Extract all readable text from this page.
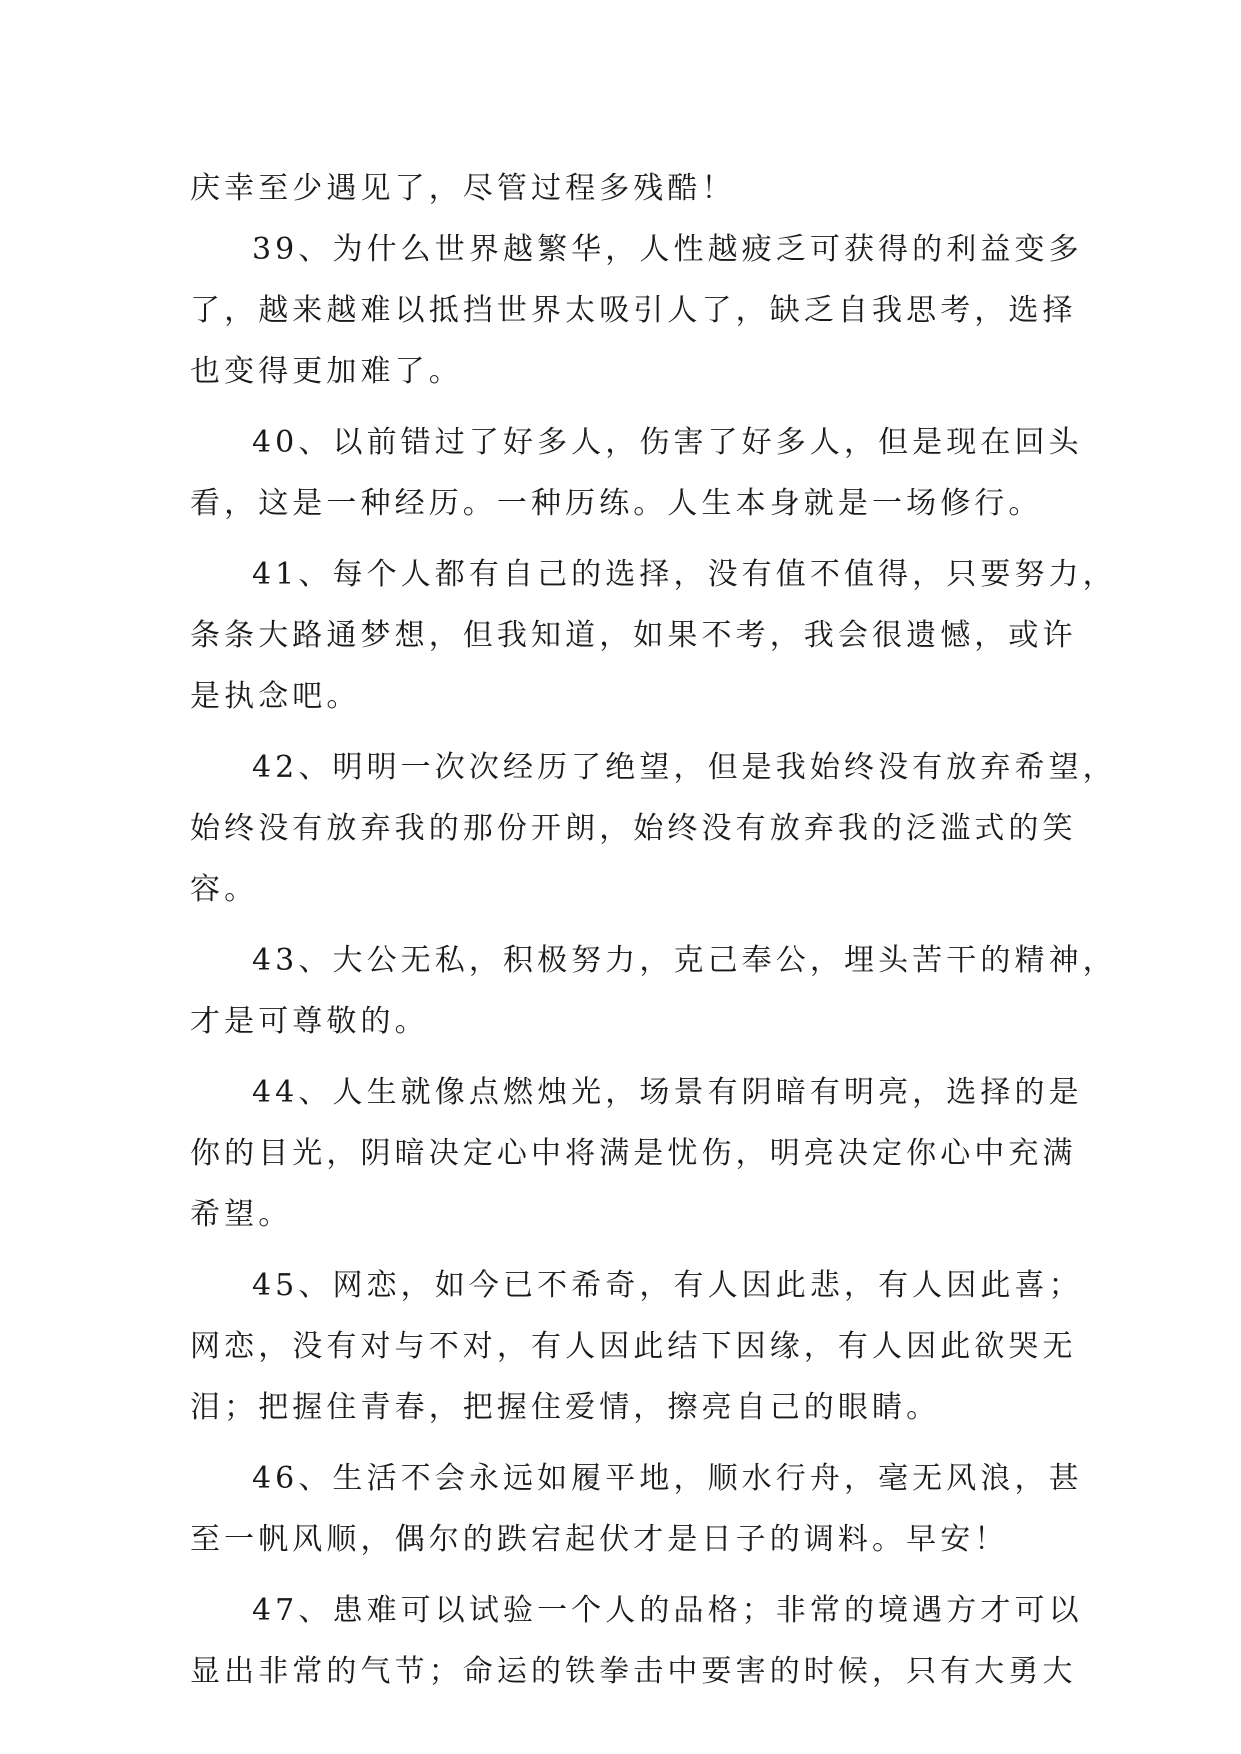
庆幸至少遇见了，尽管过程多残酷！
39、为什么世界越繁华，人性越疲乏可获得的利益变多
了，越来越难以抵挡世界太吸引人了，缺乏自我思考，选择
也变得更加难了。
40、以前错过了好多人，伤害了好多人，但是现在回头
看，这是一种经历。一种历练。人生本身就是一场修行。
41、每个人都有自己的选择，没有值不值得，只要努力，
条条大路通梦想，但我知道，如果不考，我会很遗憾，或许
是执念吧。
42、明明一次次经历了绝望，但是我始终没有放弃希望，
始终没有放弃我的那份开朗，始终没有放弃我的泛滥式的笑
容。
43、大公无私，积极努力，克己奉公，埋头苦干的精神，
才是可尊敬的。
44、人生就像点燃烛光，场景有阴暗有明亮，选择的是
你的目光，阴暗决定心中将满是忧伤，明亮决定你心中充满
希望。
45、网恋，如今已不希奇，有人因此悲，有人因此喜；
网恋，没有对与不对，有人因此结下因缘，有人因此欲哭无
泪；把握住青春，把握住爱情，擦亮自己的眼睛。
46、生活不会永远如履平地，顺水行舟，毫无风浪，甚
至一帆风顺，偶尔的跌宕起伏才是日子的调料。早安！
47、患难可以试验一个人的品格；非常的境遇方才可以
显出非常的气节；命运的铁拳击中要害的时候，只有大勇大
